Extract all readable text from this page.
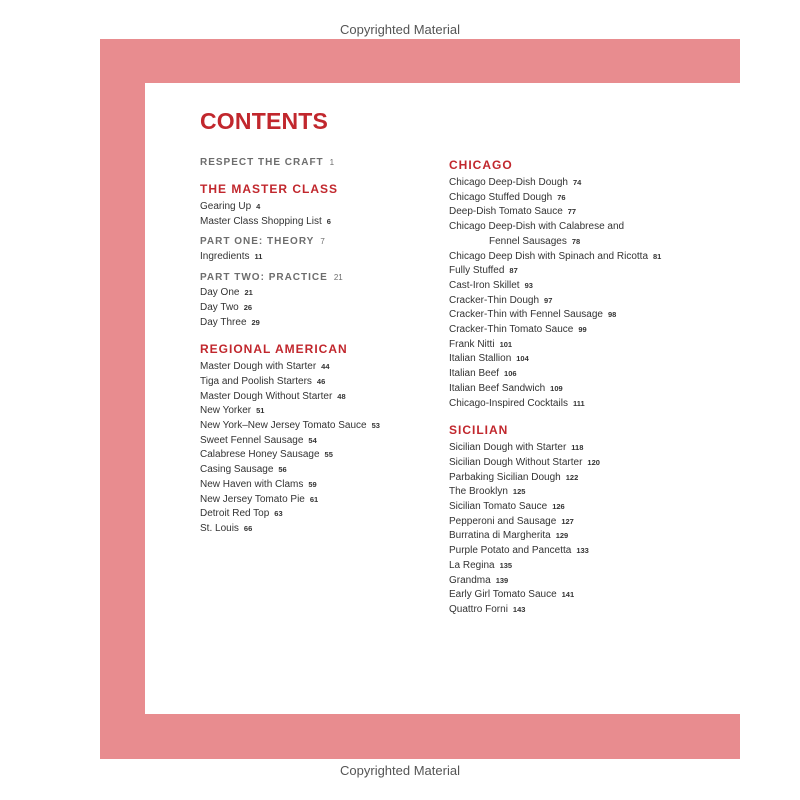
Copyrighted Material
CONTENTS
RESPECT THE CRAFT 1
THE MASTER CLASS
Gearing Up 4
Master Class Shopping List 6
PART ONE: THEORY 7
Ingredients 11
PART TWO: PRACTICE 21
Day One 21
Day Two 26
Day Three 29
REGIONAL AMERICAN
Master Dough with Starter 44
Tiga and Poolish Starters 46
Master Dough Without Starter 48
New Yorker 51
New York–New Jersey Tomato Sauce 53
Sweet Fennel Sausage 54
Calabrese Honey Sausage 55
Casing Sausage 56
New Haven with Clams 59
New Jersey Tomato Pie 61
Detroit Red Top 63
St. Louis 66
CHICAGO
Chicago Deep-Dish Dough 74
Chicago Stuffed Dough 76
Deep-Dish Tomato Sauce 77
Chicago Deep-Dish with Calabrese and
Fennel Sausages 78
Chicago Deep Dish with Spinach and Ricotta 81
Fully Stuffed 87
Cast-Iron Skillet 93
Cracker-Thin Dough 97
Cracker-Thin with Fennel Sausage 98
Cracker-Thin Tomato Sauce 99
Frank Nitti 101
Italian Stallion 104
Italian Beef 106
Italian Beef Sandwich 109
Chicago-Inspired Cocktails 111
SICILIAN
Sicilian Dough with Starter 118
Sicilian Dough Without Starter 120
Parbaking Sicilian Dough 122
The Brooklyn 125
Sicilian Tomato Sauce 126
Pepperoni and Sausage 127
Burratina di Margherita 129
Purple Potato and Pancetta 133
La Regina 135
Grandma 139
Early Girl Tomato Sauce 141
Quattro Forni 143
Copyrighted Material
